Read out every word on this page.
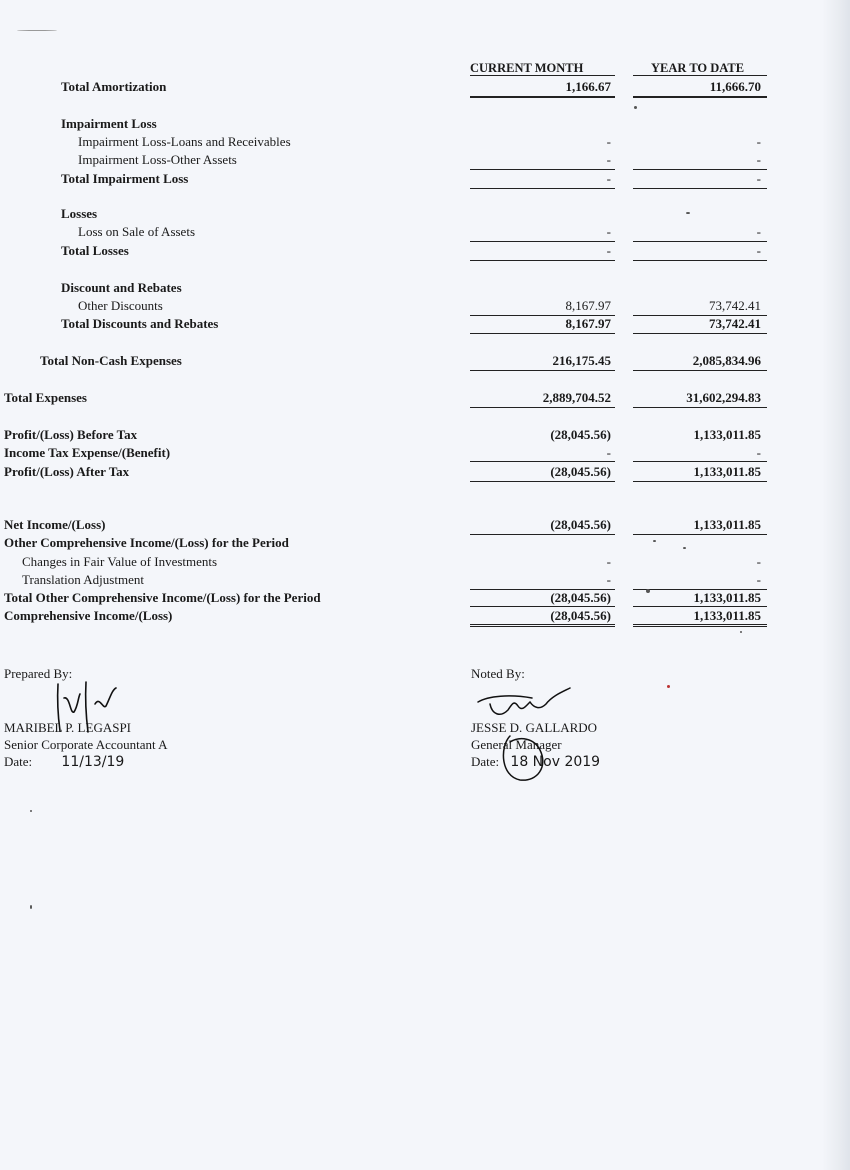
CURRENT MONTH	YEAR TO DATE
Total Amortization	1,166.67	11,666.70
Impairment Loss
Impairment Loss-Loans and Receivables	-	-
Impairment Loss-Other Assets	-	-
Total Impairment Loss	-	-
Losses
Loss on Sale of Assets	-	-
Total Losses	-	-
Discount and Rebates
Other Discounts	8,167.97	73,742.41
Total Discounts and Rebates	8,167.97	73,742.41
Total Non-Cash Expenses	216,175.45	2,085,834.96
Total Expenses	2,889,704.52	31,602,294.83
Profit/(Loss) Before Tax	(28,045.56)	1,133,011.85
Income Tax Expense/(Benefit)	-	-
Profit/(Loss) After Tax	(28,045.56)	1,133,011.85
Net Income/(Loss)	(28,045.56)	1,133,011.85
Other Comprehensive Income/(Loss) for the Period
Changes in Fair Value of Investments	-	-
Translation Adjustment	-	-
Total Other Comprehensive Income/(Loss) for the Period	(28,045.56)	1,133,011.85
Comprehensive Income/(Loss)	(28,045.56)	1,133,011.85
Prepared By:
MARIBEL P. LEGASPI
Senior Corporate Accountant A
Date: 11/13/19
Noted By:
JESSE D. GALLARDO
General Manager
Date: 18 Nov 2019
